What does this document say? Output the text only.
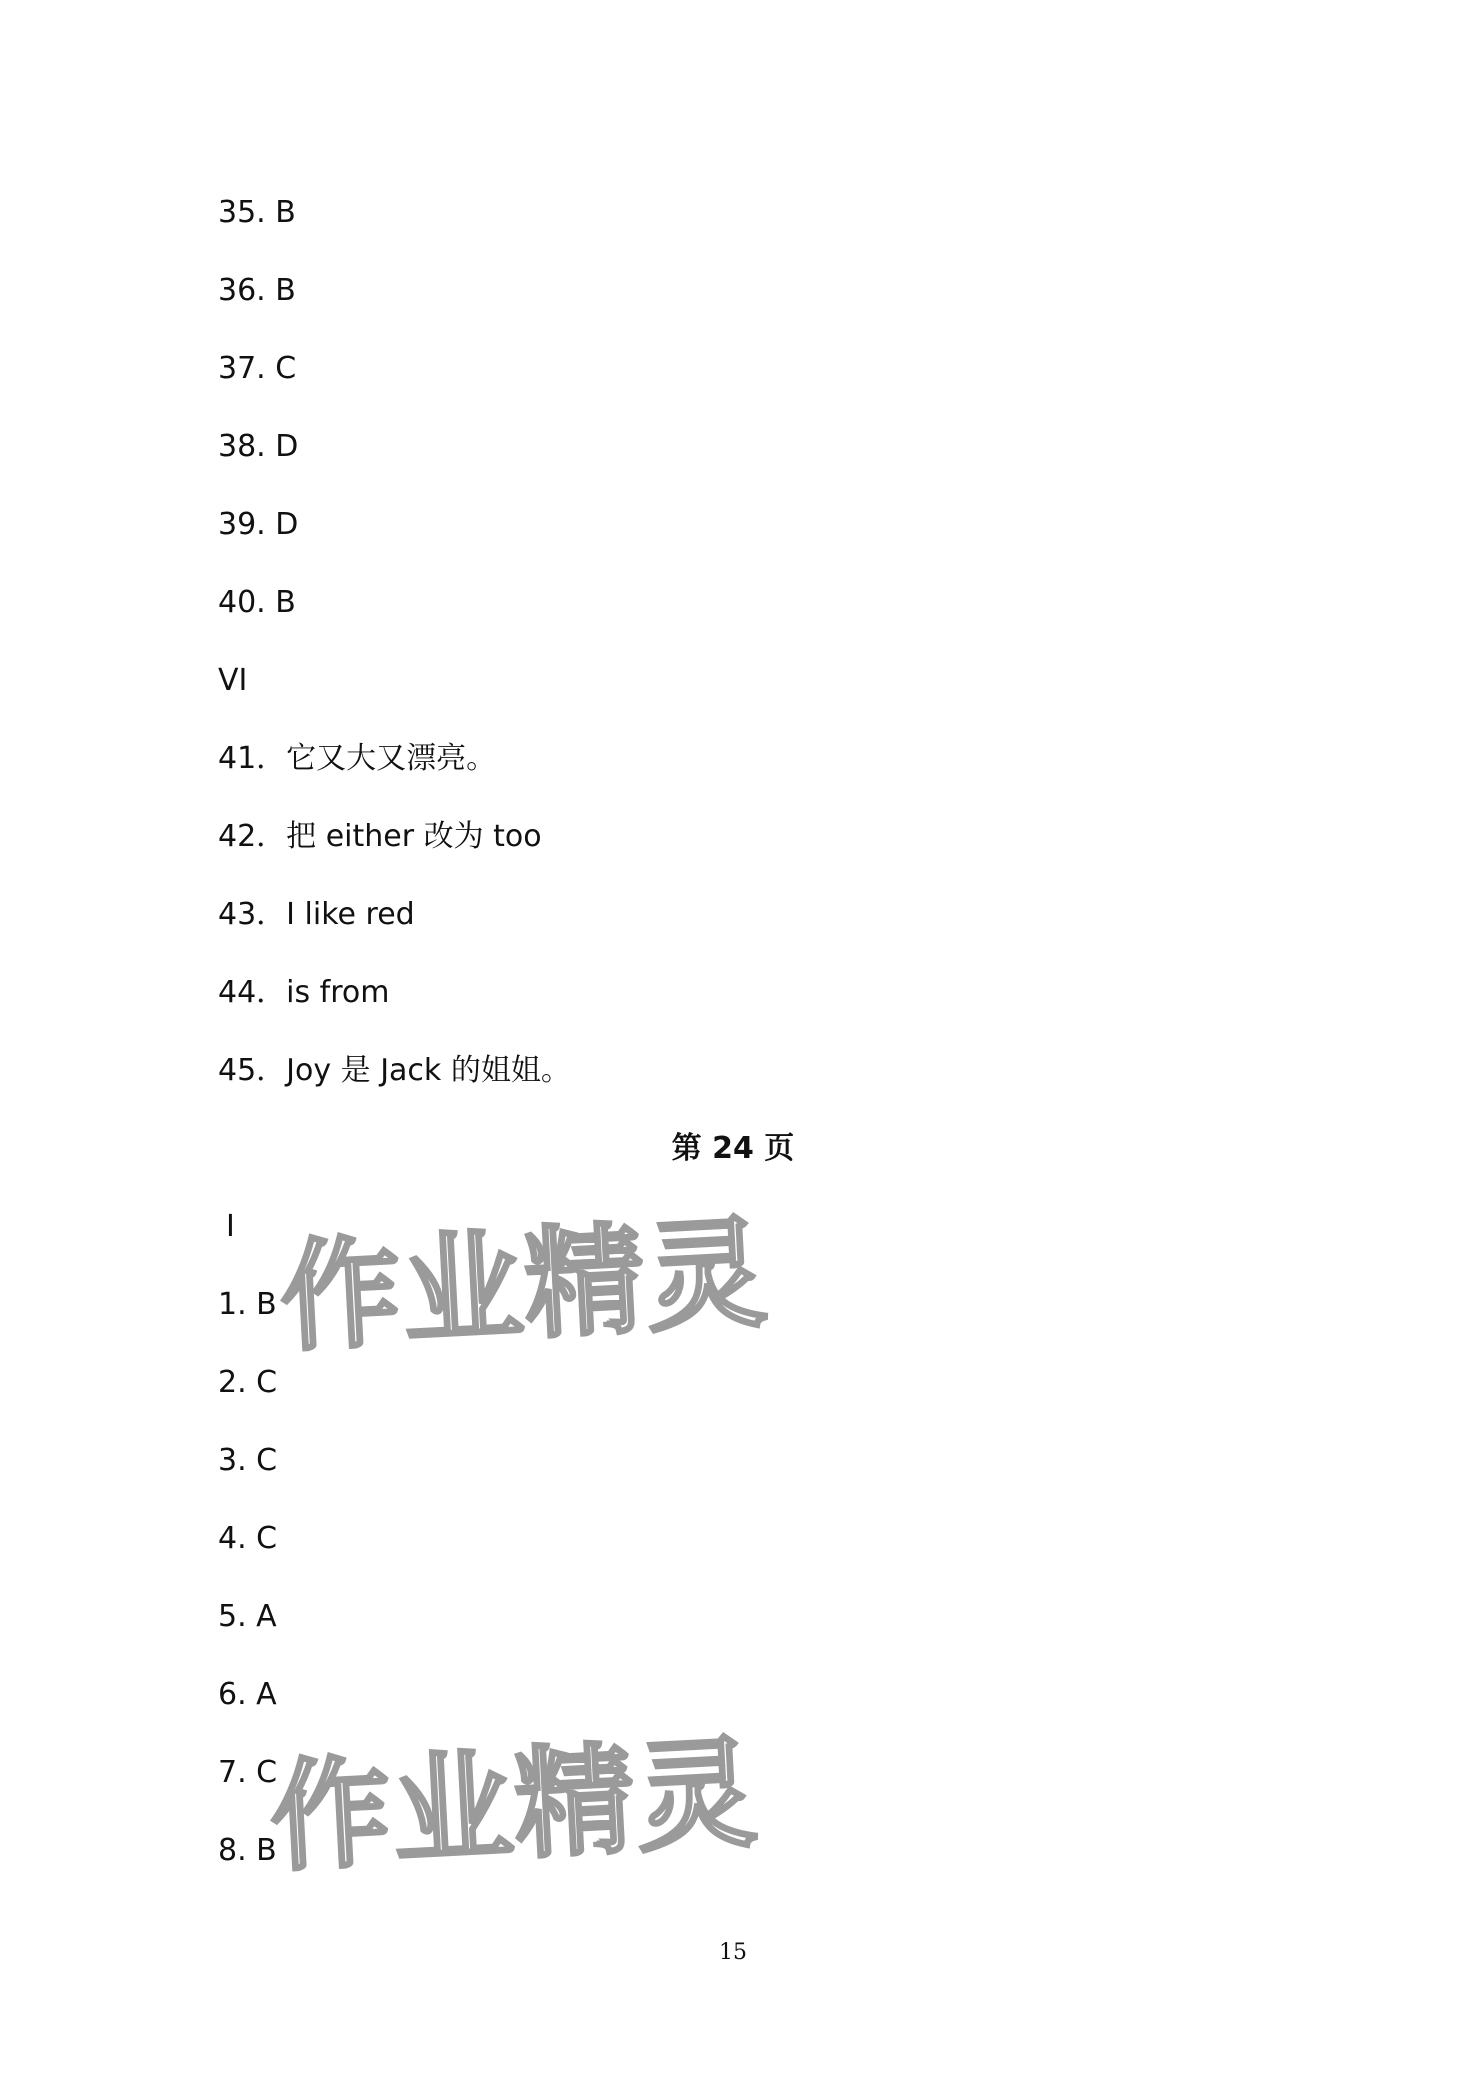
35. B
36. B
37. C
38. D
39. D
40. B
VI
41．它又大又漂亮。
42．把 either 改为 too
43．I like red
44．is from
45．Joy 是 Jack 的姐姐。
第 24 页
I
1. B
2. C
3. C
4. C
5. A
6. A
7. C
8. B
15
作业精灵
作业精灵
